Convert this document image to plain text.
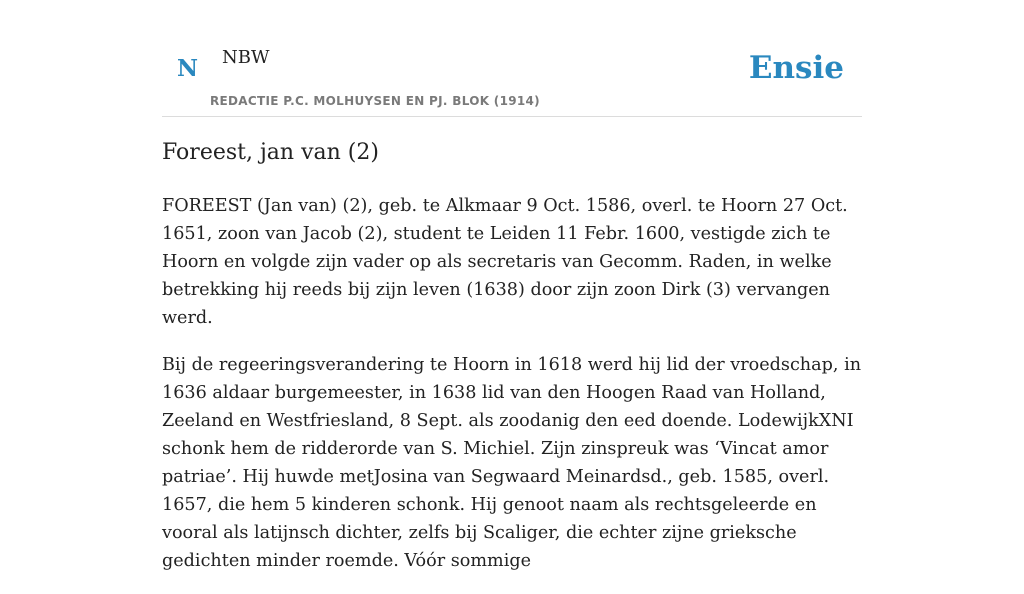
N NBW
REDACTIE P.C. MOLHUYSEN EN PJ. BLOK (1914)
Ensie
Foreest, jan van (2)

FOREEST (Jan van) (2), geb. te Alkmaar 9 Oct. 1586, overl. te Hoorn 27 Oct. 1651, zoon van Jacob (2), student te Leiden 11 Febr. 1600, vestigde zich te Hoorn en volgde zijn vader op als secretaris van Gecomm. Raden, in welke betrekking hij reeds bij zijn leven (1638) door zijn zoon Dirk (3) vervangen werd.

Bij de regeeringsverandering te Hoorn in 1618 werd hij lid der vroedschap, in 1636 aldaar burgemeester, in 1638 lid van den Hoogen Raad van Holland, Zeeland en Westfriesland, 8 Sept. als zoodanig den eed doende. LodewijkXNI schonk hem de ridderorde van S. Michiel. Zijn zinspreuk was ‘Vincat amor patriae’. Hij huwde metJosina van Segwaard Meinardsd., geb. 1585, overl. 1657, die hem 5 kinderen schonk. Hij genoot naam als rechtsgeleerde en vooral als latijnsch dichter, zelfs bij Scaliger, die echter zijne grieksche gedichten minder roemde. Vóór sommige
